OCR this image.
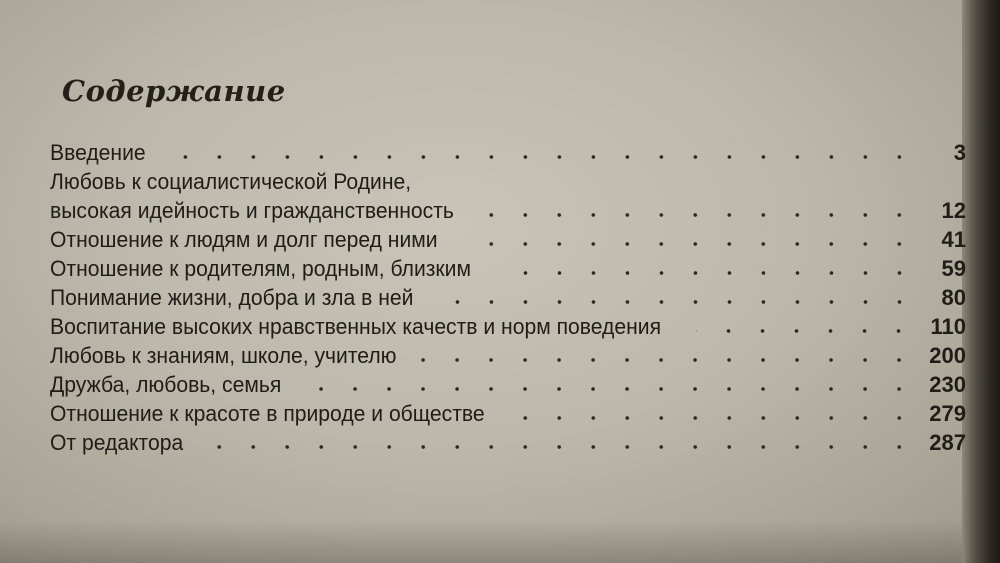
Содержание
Введение	3
Любовь к социалистической Родине,
высокая идейность и гражданственность	12
Отношение к людям и долг перед ними	41
Отношение к родителям, родным, близким	59
Понимание жизни, добра и зла в ней	80
Воспитание высоких нравственных качеств и норм поведения	110
Любовь к знаниям, школе, учителю	200
Дружба, любовь, семья	230
Отношение к красоте в природе и обществе	279
От редактора	287
